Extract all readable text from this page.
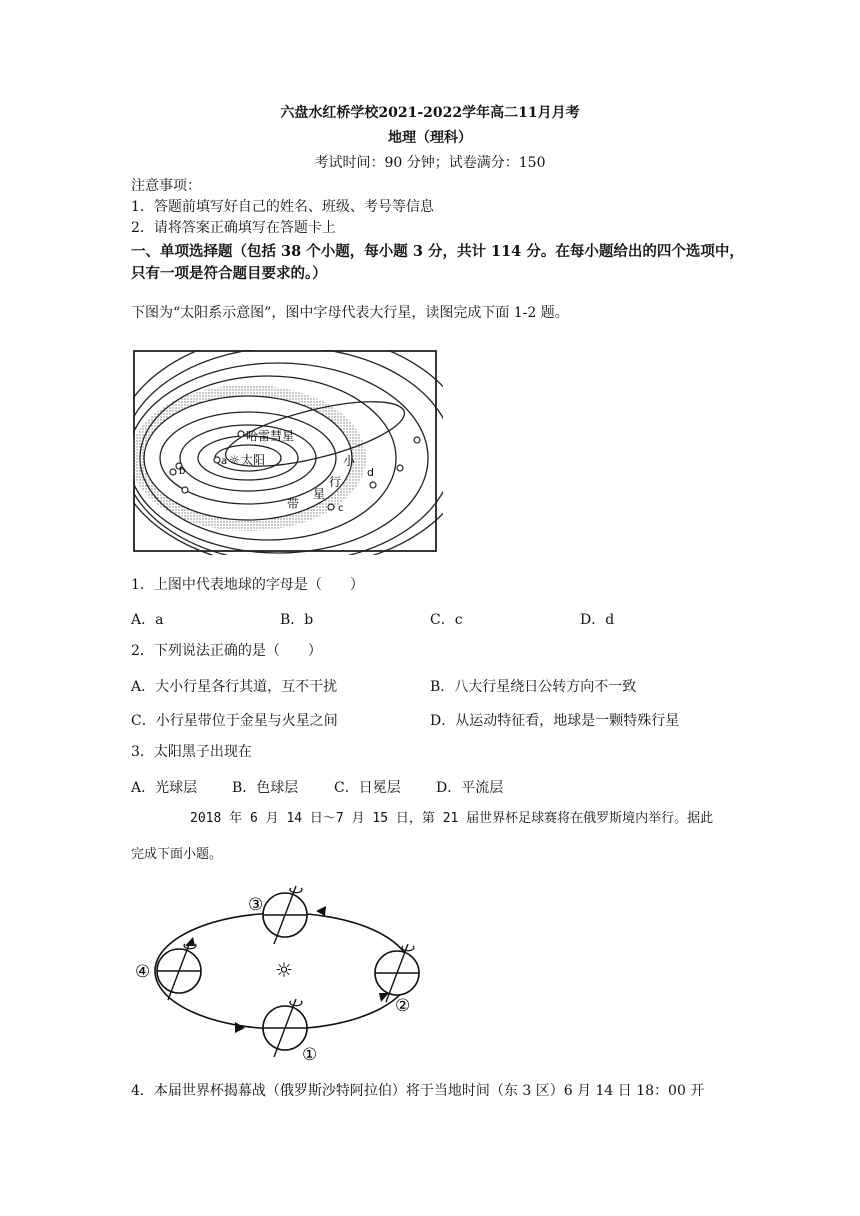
六盘水红桥学校2021-2022学年高二11月月考
地理（理科）
考试时间：90 分钟；试卷满分：150
注意事项：
1．答题前填写好自己的姓名、班级、考号等信息
2．请将答案正确填写在答题卡上
一、单项选择题（包括 38 个小题，每小题 3 分，共计 114 分。在每小题给出的四个选项中，
只有一项是符合题目要求的。）
下图为“太阳系示意图”，图中字母代表大行星，读图完成下面 1-2 题。
哈雷彗星
a ☼ 太阳
b
c
d
小
行
星
带
1．上图中代表地球的字母是（　　）
A．a	B．b	C．c	D．d
2．下列说法正确的是（　　）
A．大小行星各行其道，互不干扰	B．八大行星绕日公转方向不一致
C．小行星带位于金星与火星之间	D．从运动特征看，地球是一颗特殊行星
3．太阳黑子出现在
A．光球层 B．色球层	C．日冕层	D．平流层
2018 年 6 月 14 日～7 月 15 日，第 21 届世界杯足球赛将在俄罗斯境内举行。据此
完成下面小题。
③
④
②
①
☼
4．本届世界杯揭幕战（俄罗斯沙特阿拉伯）将于当地时间（东 3 区）6 月 14 日 18：00 开
